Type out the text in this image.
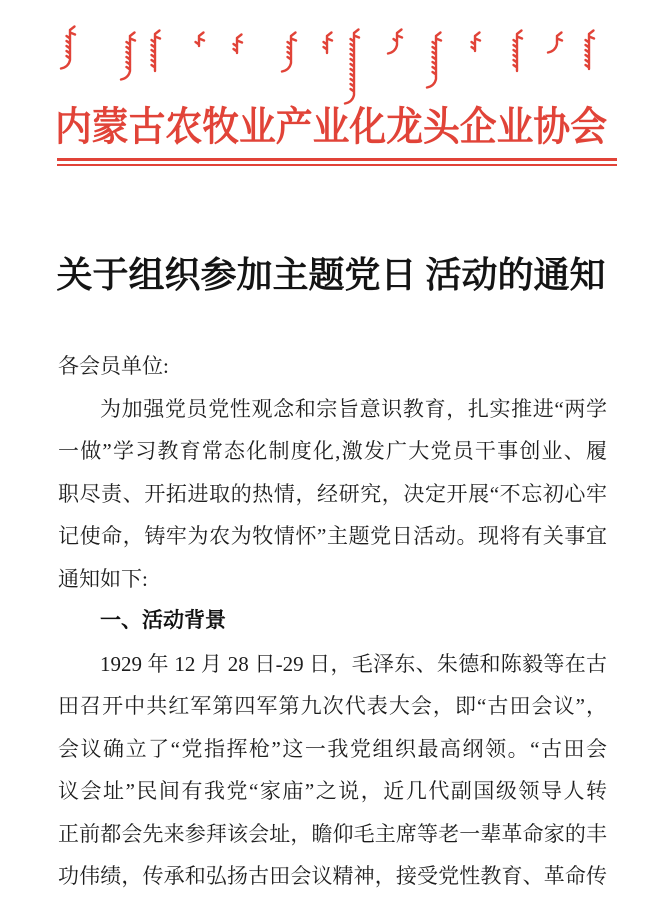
内蒙古农牧业产业化龙头企业协会
关于组织参加主题党日 活动的通知
各会员单位:
为加强党员党性观念和宗旨意识教育，扎实推进“两学
一做”学习教育常态化制度化,激发广大党员干事创业、履
职尽责、开拓进取的热情，经研究，决定开展“不忘初心牢
记使命，铸牢为农为牧情怀”主题党日活动。现将有关事宜
通知如下:
一、活动背景
1929 年 12 月 28 日-29 日，毛泽东、朱德和陈毅等在古
田召开中共红军第四军第九次代表大会，即“古田会议”，
会议确立了“党指挥枪”这一我党组织最高纲领。“古田会
议会址”民间有我党“家庙”之说，近几代副国级领导人转
正前都会先来参拜该会址，瞻仰毛主席等老一辈革命家的丰
功伟绩，传承和弘扬古田会议精神，接受党性教育、革命传
